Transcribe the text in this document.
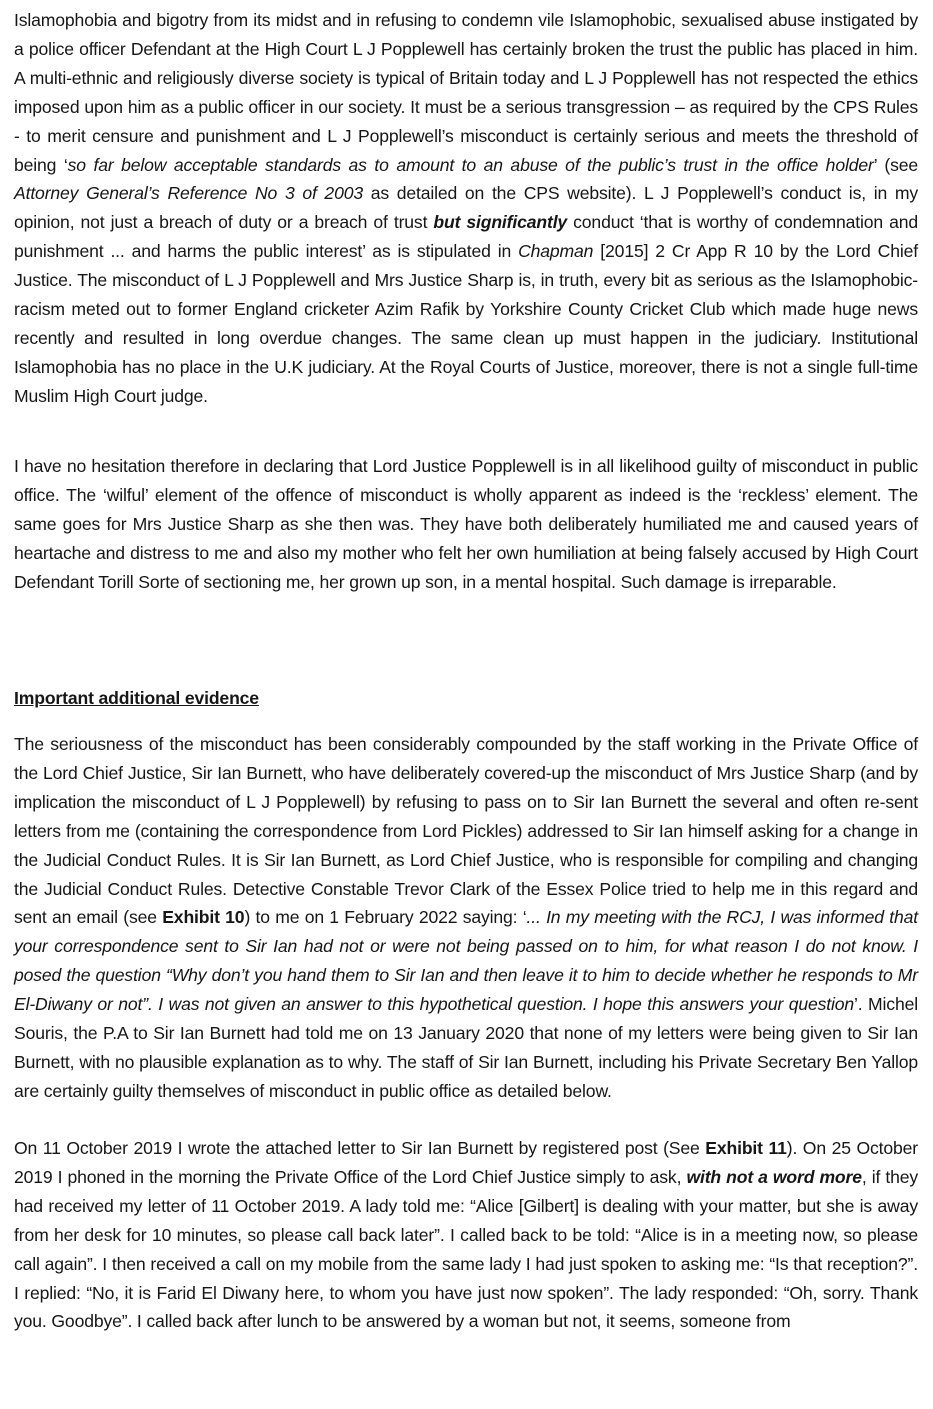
Islamophobia and bigotry from its midst and in refusing to condemn vile Islamophobic, sexualised abuse instigated by a police officer Defendant at the High Court L J Popplewell has certainly broken the trust the public has placed in him. A multi-ethnic and religiously diverse society is typical of Britain today and L J Popplewell has not respected the ethics imposed upon him as a public officer in our society. It must be a serious transgression – as required by the CPS Rules - to merit censure and punishment and L J Popplewell’s misconduct is certainly serious and meets the threshold of being ‘so far below acceptable standards as to amount to an abuse of the public’s trust in the office holder’ (see Attorney General’s Reference No 3 of 2003 as detailed on the CPS website). L J Popplewell’s conduct is, in my opinion, not just a breach of duty or a breach of trust but significantly conduct ‘that is worthy of condemnation and punishment ... and harms the public interest’ as is stipulated in Chapman [2015] 2 Cr App R 10 by the Lord Chief Justice. The misconduct of L J Popplewell and Mrs Justice Sharp is, in truth, every bit as serious as the Islamophobic-racism meted out to former England cricketer Azim Rafik by Yorkshire County Cricket Club which made huge news recently and resulted in long overdue changes. The same clean up must happen in the judiciary. Institutional Islamophobia has no place in the U.K judiciary. At the Royal Courts of Justice, moreover, there is not a single full-time Muslim High Court judge.

I have no hesitation therefore in declaring that Lord Justice Popplewell is in all likelihood guilty of misconduct in public office. The ‘wilful’ element of the offence of misconduct is wholly apparent as indeed is the ‘reckless’ element. The same goes for Mrs Justice Sharp as she then was. They have both deliberately humiliated me and caused years of heartache and distress to me and also my mother who felt her own humiliation at being falsely accused by High Court Defendant Torill Sorte of sectioning me, her grown up son, in a mental hospital. Such damage is irreparable.

Important additional evidence

The seriousness of the misconduct has been considerably compounded by the staff working in the Private Office of the Lord Chief Justice, Sir Ian Burnett, who have deliberately covered-up the misconduct of Mrs Justice Sharp (and by implication the misconduct of L J Popplewell) by refusing to pass on to Sir Ian Burnett the several and often re-sent letters from me (containing the correspondence from Lord Pickles) addressed to Sir Ian himself asking for a change in the Judicial Conduct Rules. It is Sir Ian Burnett, as Lord Chief Justice, who is responsible for compiling and changing the Judicial Conduct Rules. Detective Constable Trevor Clark of the Essex Police tried to help me in this regard and sent an email (see Exhibit 10) to me on 1 February 2022 saying: ‘... In my meeting with the RCJ, I was informed that your correspondence sent to Sir Ian had not or were not being passed on to him, for what reason I do not know. I posed the question “Why don’t you hand them to Sir Ian and then leave it to him to decide whether he responds to Mr El-Diwany or not”. I was not given an answer to this hypothetical question. I hope this answers your question’. Michel Souris, the P.A to Sir Ian Burnett had told me on 13 January 2020 that none of my letters were being given to Sir Ian Burnett, with no plausible explanation as to why. The staff of Sir Ian Burnett, including his Private Secretary Ben Yallop are certainly guilty themselves of misconduct in public office as detailed below.

On 11 October 2019 I wrote the attached letter to Sir Ian Burnett by registered post (See Exhibit 11). On 25 October 2019 I phoned in the morning the Private Office of the Lord Chief Justice simply to ask, with not a word more, if they had received my letter of 11 October 2019. A lady told me: “Alice [Gilbert] is dealing with your matter, but she is away from her desk for 10 minutes, so please call back later”. I called back to be told: “Alice is in a meeting now, so please call again”. I then received a call on my mobile from the same lady I had just spoken to asking me: “Is that reception?”. I replied: “No, it is Farid El Diwany here, to whom you have just now spoken”. The lady responded: “Oh, sorry. Thank you. Goodbye”. I called back after lunch to be answered by a woman but not, it seems, someone from
